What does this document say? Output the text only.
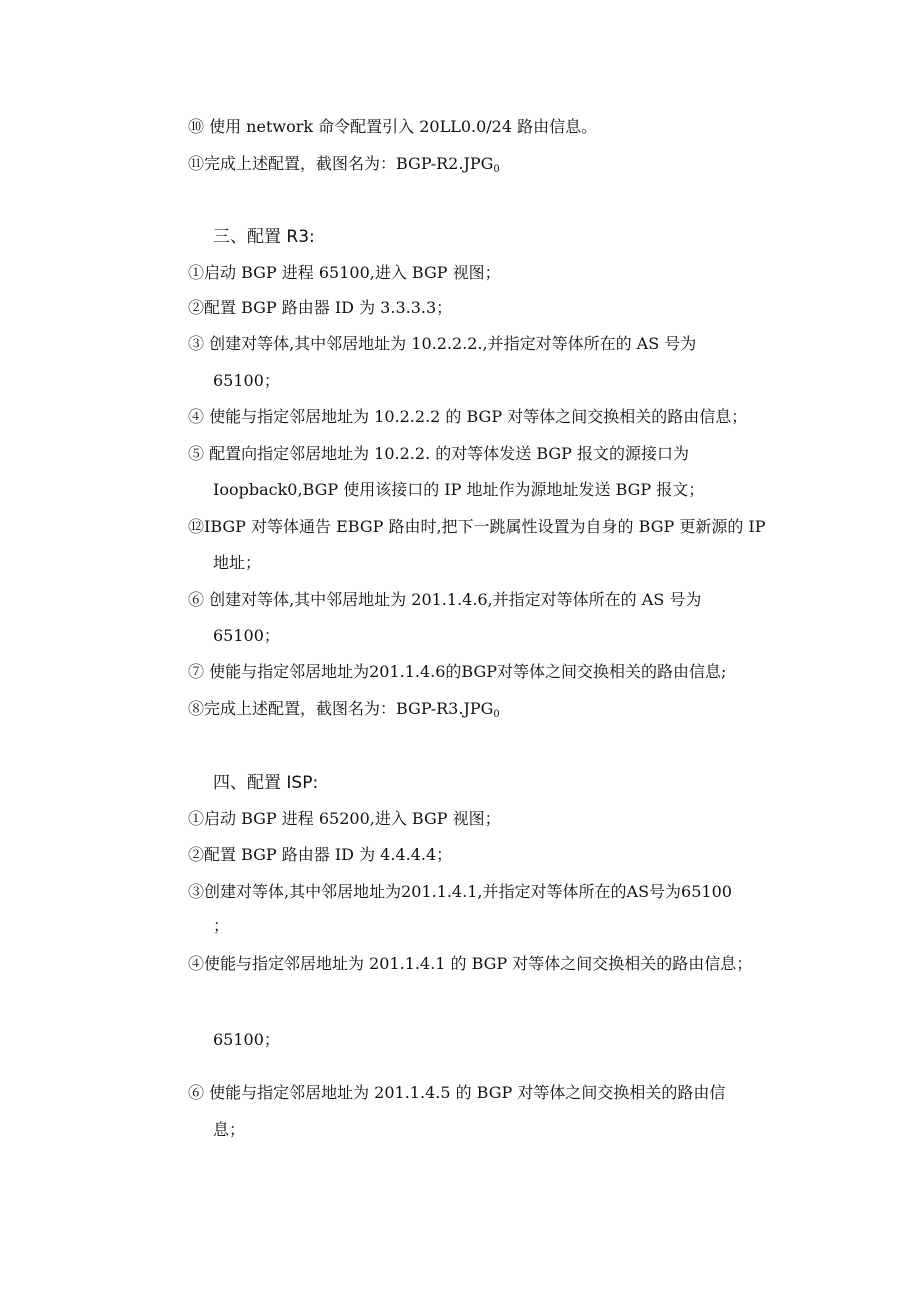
⑩ 使用 network 命令配置引入 20LL0.0/24 路由信息。
⑪完成上述配置，截图名为：BGP-$R2.JPG_0$
三、配置 R3:
①启动 BGP 进程 65100,进入 BGP 视图；
②配置 BGP 路由器 ID 为 3.3.3.3；
③ 创建对等体,其中邻居地址为 10.2.2.2.,并指定对等体所在的 AS 号为
65100；
④ 使能与指定邻居地址为 10.2.2.2 的 BGP 对等体之间交换相关的路由信息；
⑤ 配置向指定邻居地址为 10.2.2. 的对等体发送 BGP 报文的源接口为
Ioopback0,BGP 使用该接口的 IP 地址作为源地址发送 BGP 报文；
⑫IBGP 对等体通告 EBGP 路由时,把下一跳属性设置为自身的 BGP 更新源的 IP
地址；
⑥ 创建对等体,其中邻居地址为 201.1.4.6,并指定对等体所在的 AS 号为
65100；
⑦ 使能与指定邻居地址为201.1.4.6的BGP对等体之间交换相关的路由信息;
⑧完成上述配置，截图名为：BGP-$R3.JPG_0$
四、配置 ISP:
①启动 BGP 进程 65200,进入 BGP 视图；
②配置 BGP 路由器 ID 为 4.4.4.4；
③创建对等体,其中邻居地址为201.1.4.1,并指定对等体所在的AS号为65100
；
④使能与指定邻居地址为 201.1.4.1 的 BGP 对等体之间交换相关的路由信息；
65100；
⑥ 使能与指定邻居地址为 201.1.4.5 的 BGP 对等体之间交换相关的路由信
息；
